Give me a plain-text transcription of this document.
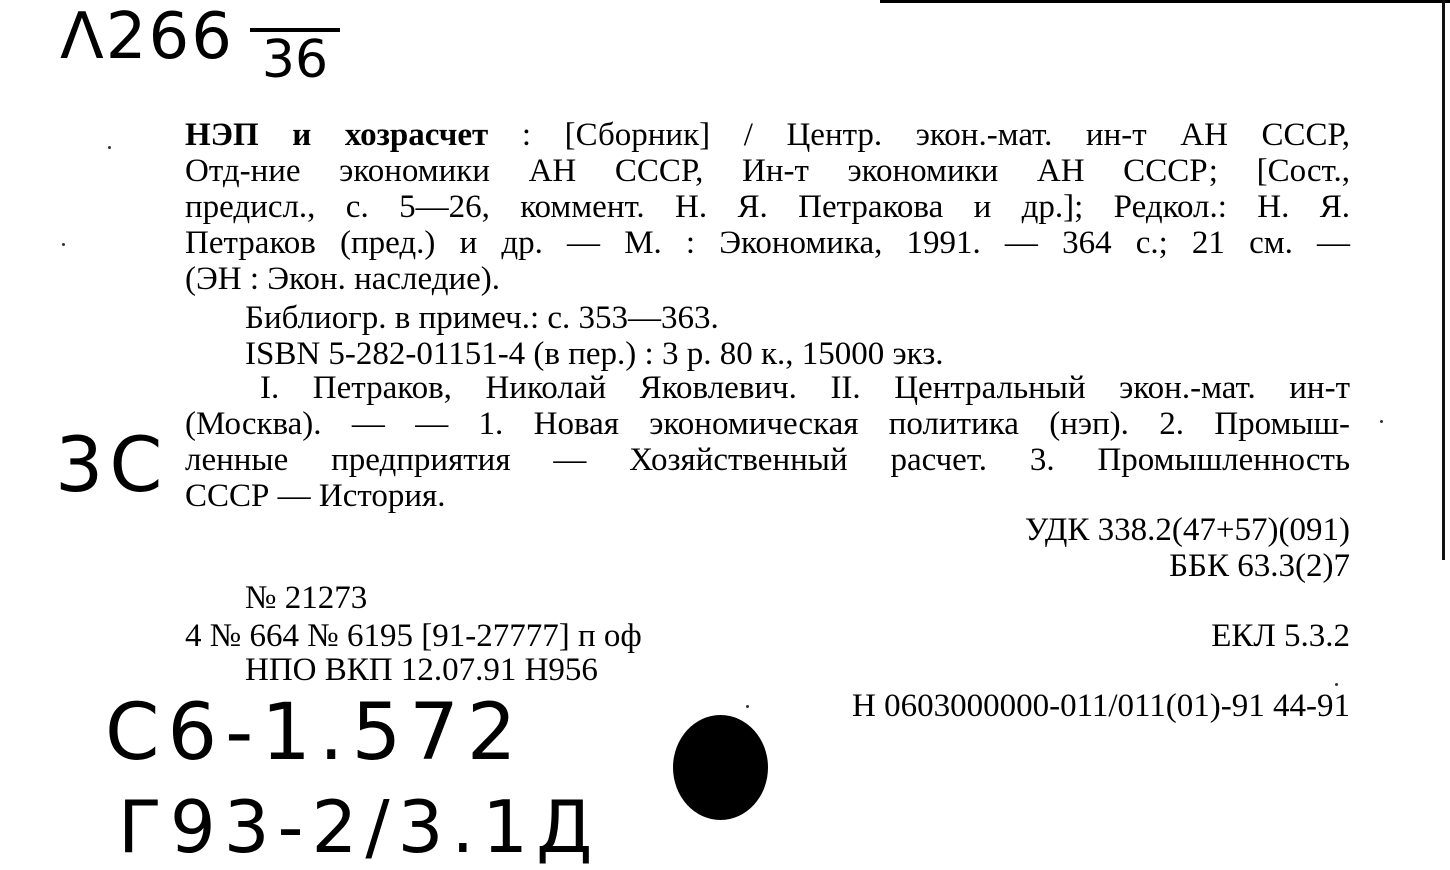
Λ266 36
НЭП и хозрасчет : [Сборник] / Центр. экон.-мат. ин-т АН СССР,
Отд-ние экономики АН СССР, Ин-т экономики АН СССР; [Сост.,
предисл., с. 5—26, коммент. Н. Я. Петракова и др.]; Редкол.: Н. Я.
Петраков (пред.) и др. — М. : Экономика, 1991. — 364 с.; 21 см. —
(ЭН : Экон. наследие).
Библиогр. в примеч.: с. 353—363.
ISBN 5-282-01151-4 (в пер.) : 3 р. 80 к., 15000 экз.
I. Петраков, Николай Яковлевич. II. Центральный экон.-мат. ин-т
(Москва). — — 1. Новая экономическая политика (нэп). 2. Промыш-
ленные предприятия — Хозяйственный расчет. 3. Промышленность
СССР — История.
3C
УДК 338.2(47+57)(091)
ББК 63.3(2)7
№ 21273
4 № 664 № 6195 [91-27777] п оф	ЕКЛ 5.3.2
НПО ВКП 12.07.91 Н956
Н 0603000000-011/011(01)-91 44-91
C6-1.572
Г93-2/3.1Д
